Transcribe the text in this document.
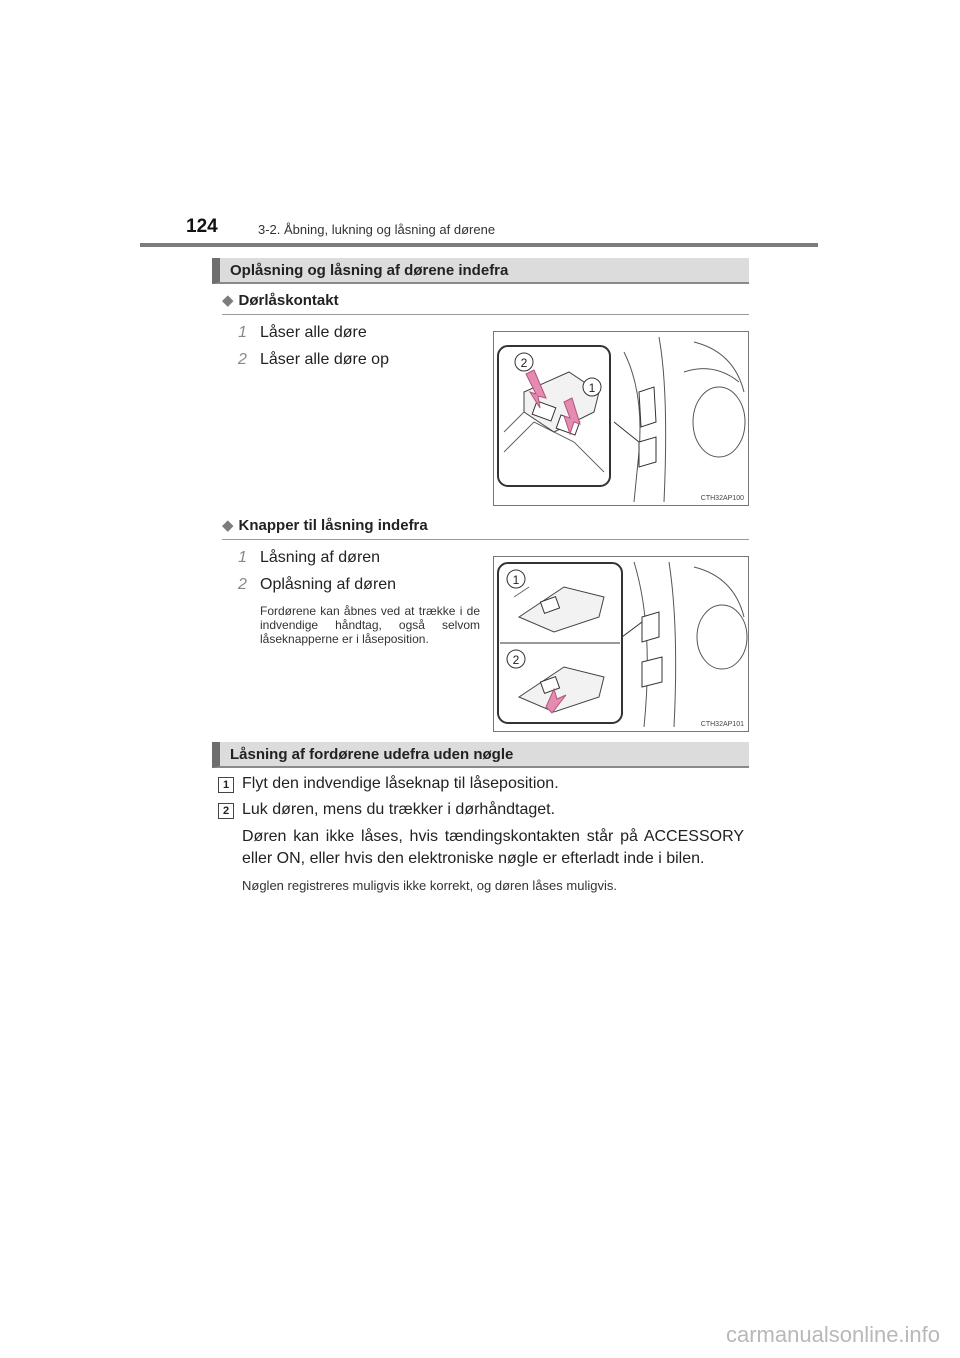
124	3-2. Åbning, lukning og låsning af dørene
Oplåsning og låsning af dørene indefra
◆ Dørlåskontakt
1 Låser alle døre
2 Låser alle døre op	2
1
CTH32AP100
◆ Knapper til låsning indefra
1 Låsning af døren
2 Oplåsning af døren
Fordørene kan åbnes ved at trække i de indvendige håndtag, også selvom låseknapperne er i låseposition.
1
2
CTH32AP101
Låsning af fordørene udefra uden nøgle
1 Flyt den indvendige låseknap til låseposition.
2 Luk døren, mens du trækker i dørhåndtaget.
Døren kan ikke låses, hvis tændingskontakten står på ACCESSORY eller ON, eller hvis den elektroniske nøgle er efterladt inde i bilen.
Nøglen registreres muligvis ikke korrekt, og døren låses muligvis.
carmanualsonline.info
